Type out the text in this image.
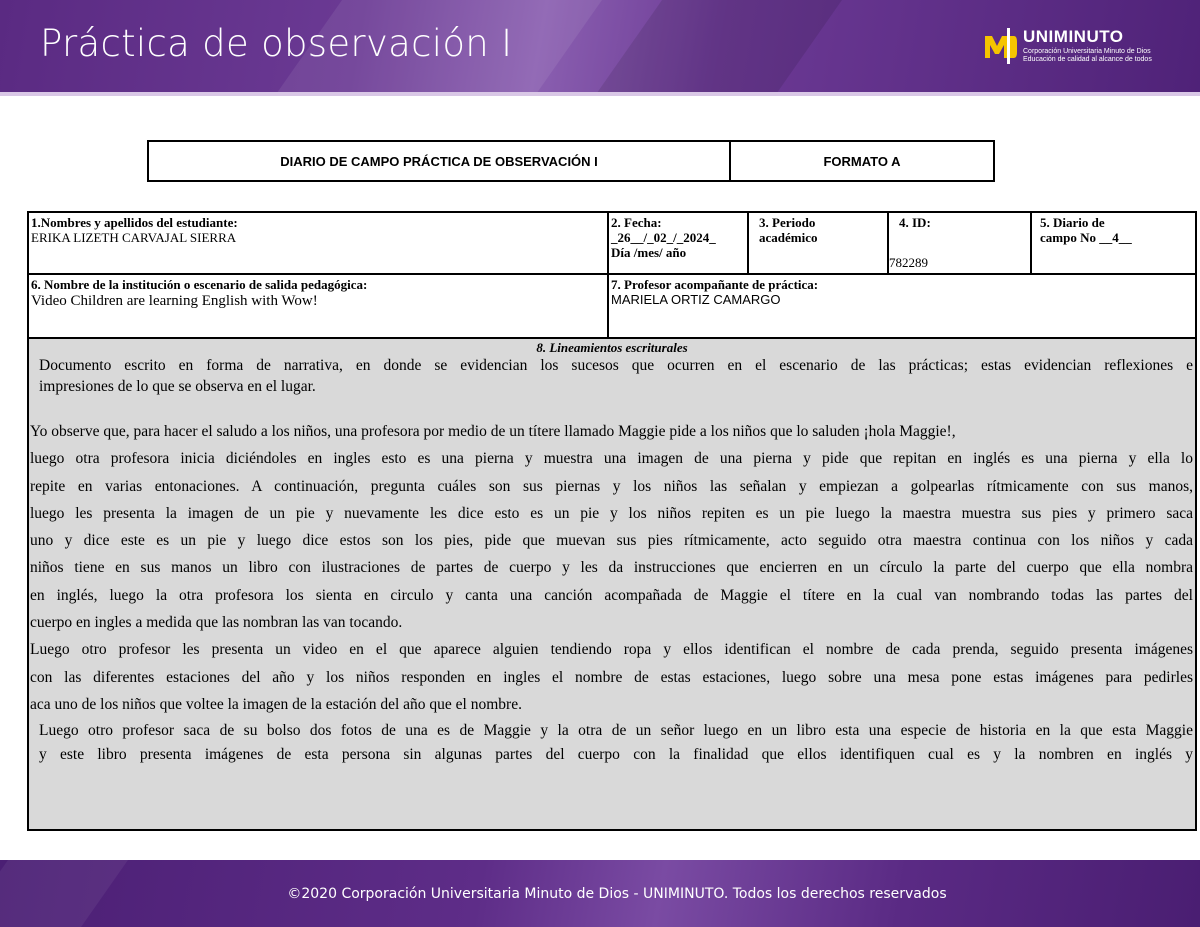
Práctica de observación I	UNIMINUTO
Corporación Universitaria Minuto de Dios
Educación de calidad al alcance de todos
DIARIO DE CAMPO PRÁCTICA DE OBSERVACIÓN I	FORMATO A
1.Nombres y apellidos del estudiante:
ERIKA LIZETH CARVAJAL SIERRA
2. Fecha:
_26__/_02_/_2024_
Día /mes/ año
3. Periodo
académico
4. ID:
782289
5. Diario de
campo No __4__
6. Nombre de la institución o escenario de salida pedagógica:
Video Children are learning English with Wow!
7. Profesor acompañante de práctica:
MARIELA ORTIZ CAMARGO
8. Lineamientos escriturales
Documento escrito en forma de narrativa, en donde se evidencian los sucesos que ocurren en el escenario de las prácticas; estas evidencian reflexiones e
impresiones de lo que se observa en el lugar.
Yo observe que, para hacer el saludo a los niños, una profesora por medio de un títere llamado Maggie pide a los niños que lo saluden ¡hola Maggie!,
luego otra profesora inicia diciéndoles en ingles esto es una pierna y muestra una imagen de una pierna y pide que repitan en inglés es una pierna y ella lo
repite en varias entonaciones. A continuación, pregunta cuáles son sus piernas y los niños las señalan y empiezan a golpearlas rítmicamente con sus manos,
luego les presenta la imagen de un pie y nuevamente les dice esto es un pie y los niños repiten es un pie luego la maestra muestra sus pies y primero saca
uno y dice este es un pie y luego dice estos son los pies, pide que muevan sus pies rítmicamente, acto seguido otra maestra continua con los niños y cada
niños tiene en sus manos un libro con ilustraciones de partes de cuerpo y les da instrucciones que encierren en un círculo la parte del cuerpo que ella nombra
en inglés, luego la otra profesora los sienta en circulo y canta una canción acompañada de Maggie el títere en la cual van nombrando todas las partes del
cuerpo en ingles a medida que las nombran las van tocando.
Luego otro profesor les presenta un video en el que aparece alguien tendiendo ropa y ellos identifican el nombre de cada prenda, seguido presenta imágenes
con las diferentes estaciones del año y los niños responden en ingles el nombre de estas estaciones, luego sobre una mesa pone estas imágenes para pedirles
aca uno de los niños que voltee la imagen de la estación del año que el nombre.
Luego otro profesor saca de su bolso dos fotos de una es de Maggie y la otra de un señor luego en un libro esta una especie de historia en la que esta Maggie
y este libro presenta imágenes de esta persona sin algunas partes del cuerpo con la finalidad que ellos identifiquen cual es y la nombren en inglés y
©2020 Corporación Universitaria Minuto de Dios - UNIMINUTO. Todos los derechos reservados
